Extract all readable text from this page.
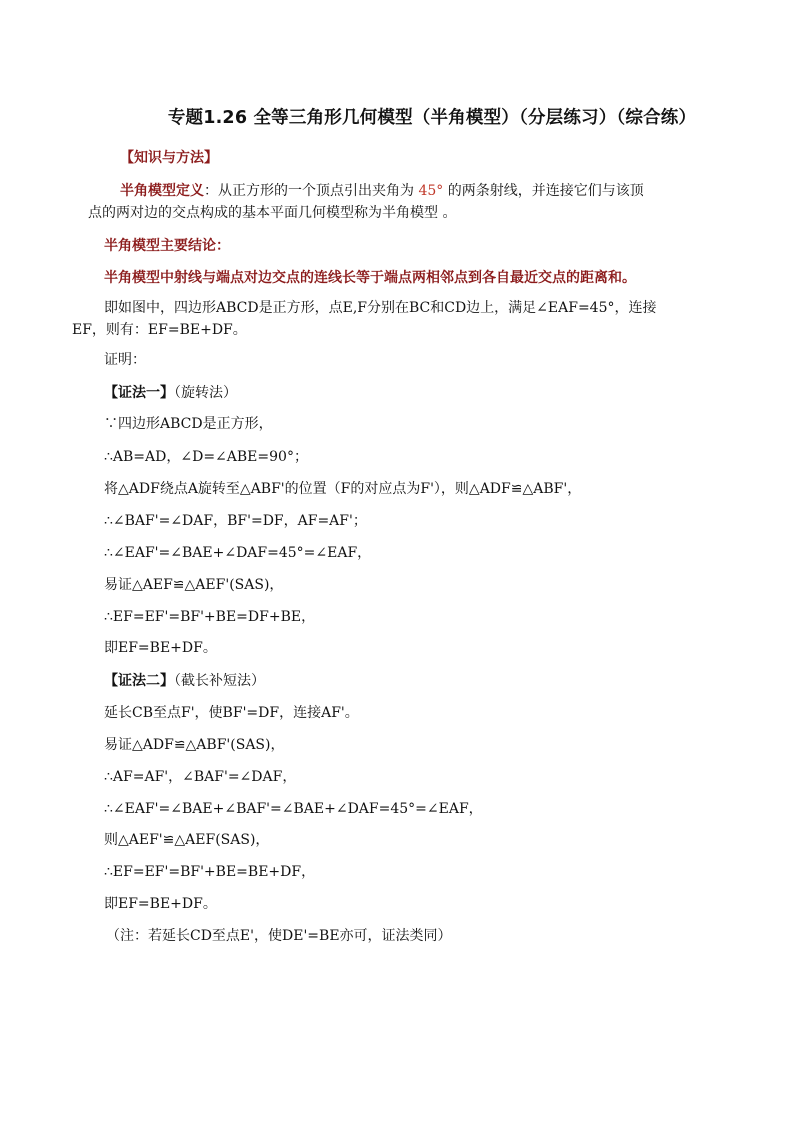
专题1.26 全等三角形几何模型（半角模型）（分层练习）（综合练）
【知识与方法】
半角模型定义：从正方形的一个顶点引出夹角为 45° 的两条射线，并连接它们与该顶
点的两对边的交点构成的基本平面几何模型称为半角模型 。
半角模型主要结论：
半角模型中射线与端点对边交点的连线长等于端点两相邻点到各自最近交点的距离和。
即如图中，四边形ABCD是正方形，点E,F分别在BC和CD边上，满足∠EAF=45°，连接
EF，则有：EF=BE+DF。
证明：
【证法一】（旋转法）
∵四边形ABCD是正方形，
∴AB=AD，∠D=∠ABE=90°；
将△ADF绕点A旋转至△ABF'的位置（F的对应点为F'），则△ADF≌△ABF'，
∴∠BAF'=∠DAF，BF'=DF，AF=AF'；
∴∠EAF'=∠BAE+∠DAF=45°=∠EAF，
易证△AEF≌△AEF'(SAS)，
∴EF=EF'=BF'+BE=DF+BE，
即EF=BE+DF。
【证法二】（截长补短法）
延长CB至点F'，使BF'=DF，连接AF'。
易证△ADF≌△ABF'(SAS)，
∴AF=AF'，∠BAF'=∠DAF，
∴∠EAF'=∠BAE+∠BAF'=∠BAE+∠DAF=45°=∠EAF，
则△AEF'≌△AEF(SAS)，
∴EF=EF'=BF'+BE=BE+DF，
即EF=BE+DF。
（注：若延长CD至点E'，使DE'=BE亦可，证法类同）
